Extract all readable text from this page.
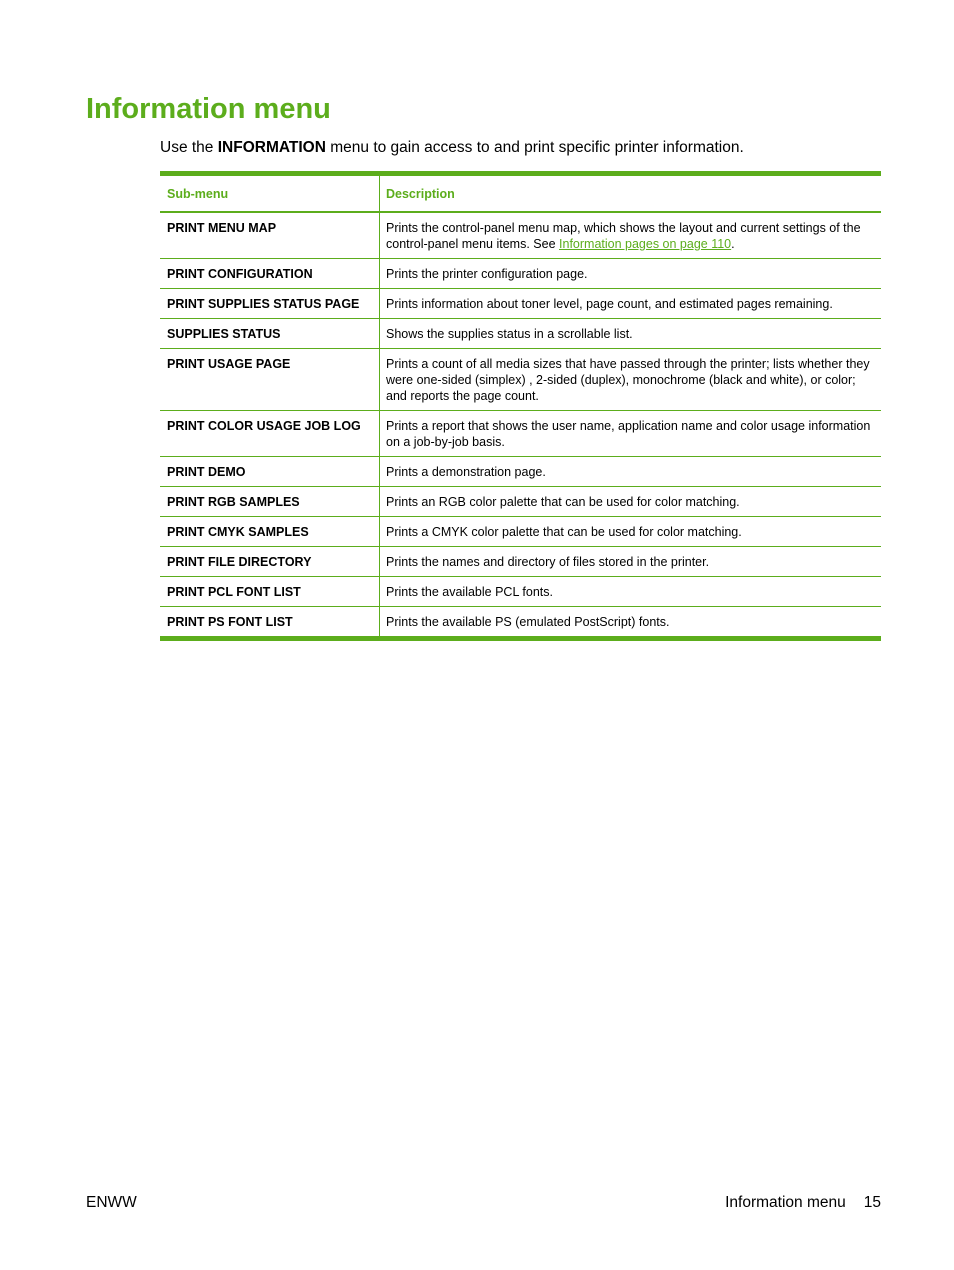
Information menu

Use the INFORMATION menu to gain access to and print specific printer information.

Sub-menu	Description
PRINT MENU MAP	Prints the control-panel menu map, which shows the layout and current settings of the control-panel menu items. See Information pages on page 110.
PRINT CONFIGURATION	Prints the printer configuration page.
PRINT SUPPLIES STATUS PAGE	Prints information about toner level, page count, and estimated pages remaining.
SUPPLIES STATUS	Shows the supplies status in a scrollable list.
PRINT USAGE PAGE	Prints a count of all media sizes that have passed through the printer; lists whether they were one-sided (simplex) , 2-sided (duplex), monochrome (black and white), or color; and reports the page count.
PRINT COLOR USAGE JOB LOG	Prints a report that shows the user name, application name and color usage information on a job-by-job basis.
PRINT DEMO	Prints a demonstration page.
PRINT RGB SAMPLES	Prints an RGB color palette that can be used for color matching.
PRINT CMYK SAMPLES	Prints a CMYK color palette that can be used for color matching.
PRINT FILE DIRECTORY	Prints the names and directory of files stored in the printer.
PRINT PCL FONT LIST	Prints the available PCL fonts.
PRINT PS FONT LIST	Prints the available PS (emulated PostScript) fonts.
ENWW	Information menu 15
